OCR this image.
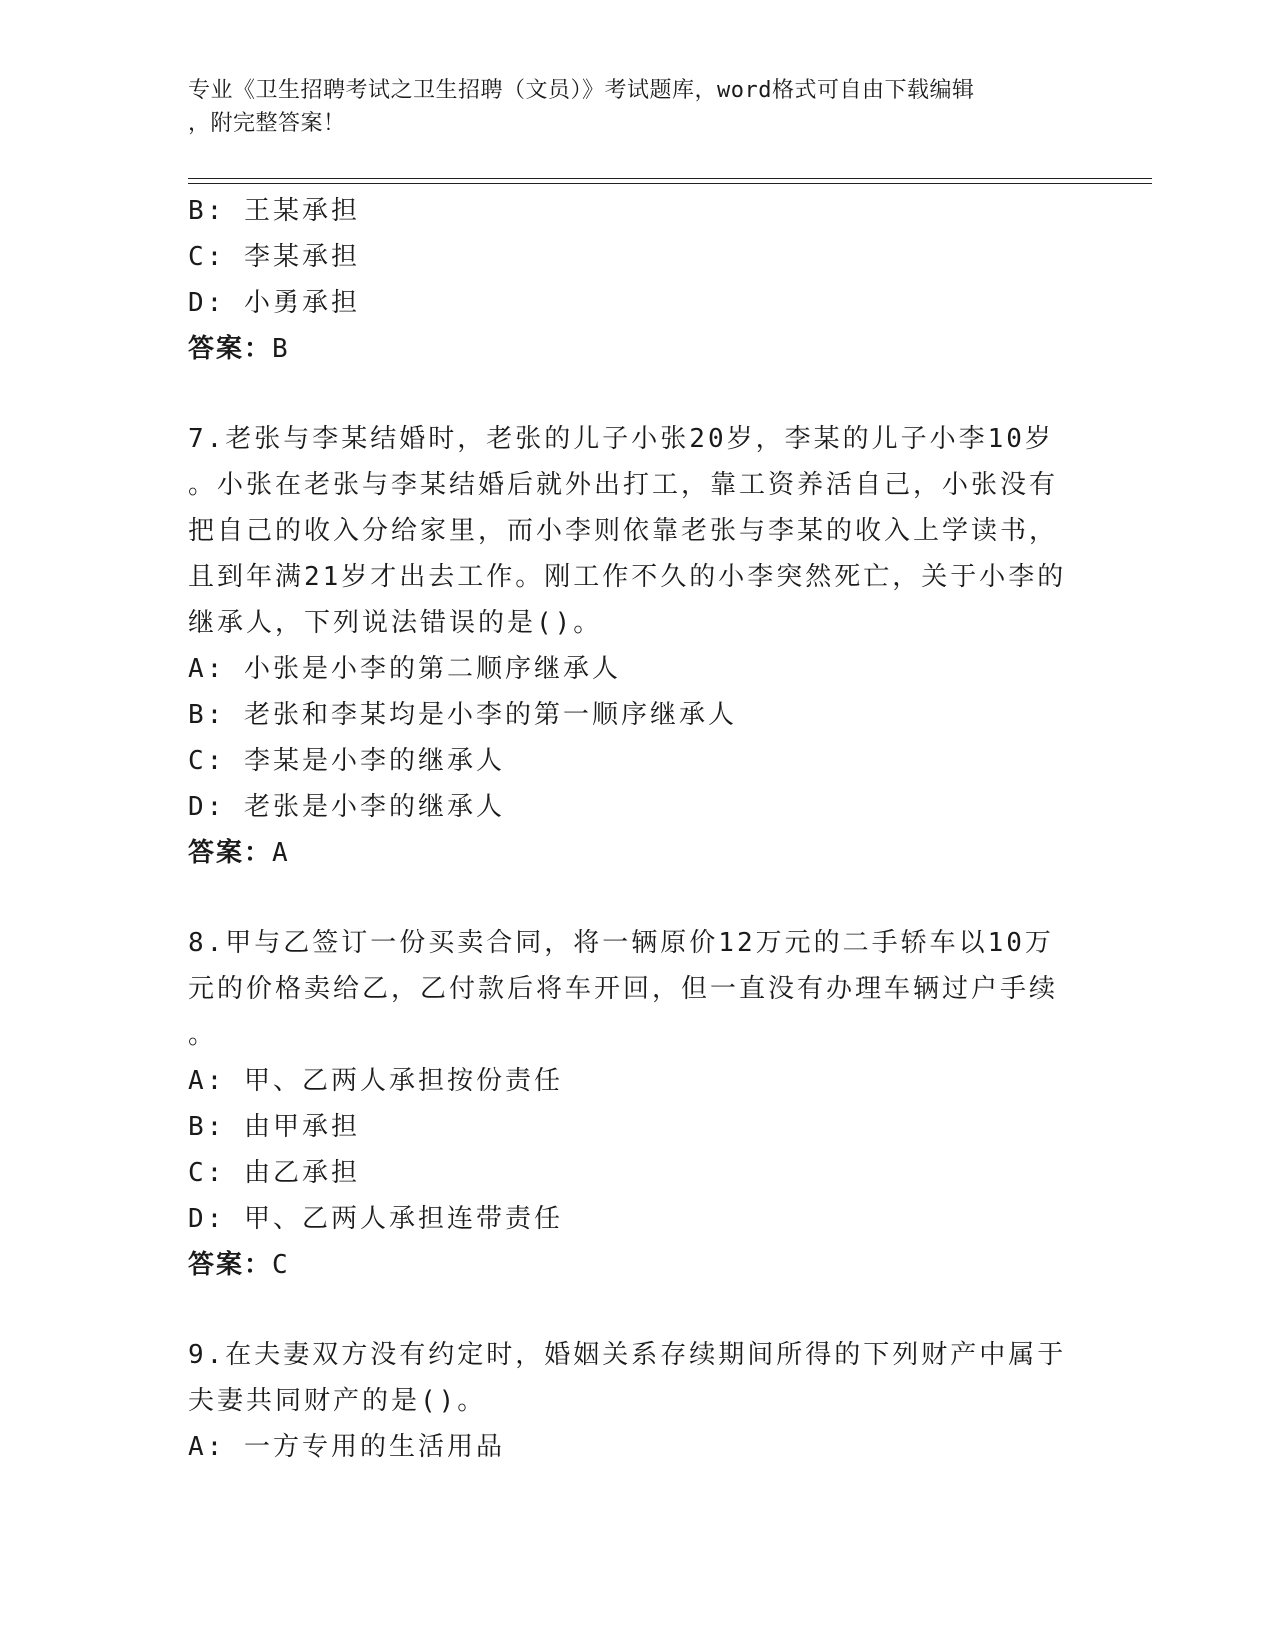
专业《卫生招聘考试之卫生招聘（文员）》考试题库，word格式可自由下载编辑
，附完整答案！
B: 王某承担
C: 李某承担
D: 小勇承担
答案：B
7.老张与李某结婚时，老张的儿子小张20岁，李某的儿子小李10岁
。小张在老张与李某结婚后就外出打工，靠工资养活自己，小张没有
把自己的收入分给家里，而小李则依靠老张与李某的收入上学读书，
且到年满21岁才出去工作。刚工作不久的小李突然死亡，关于小李的
继承人，下列说法错误的是()。
A: 小张是小李的第二顺序继承人
B: 老张和李某均是小李的第一顺序继承人
C: 李某是小李的继承人
D: 老张是小李的继承人
答案：A
8.甲与乙签订一份买卖合同，将一辆原价12万元的二手轿车以10万
元的价格卖给乙，乙付款后将车开回，但一直没有办理车辆过户手续
。
A: 甲、乙两人承担按份责任
B: 由甲承担
C: 由乙承担
D: 甲、乙两人承担连带责任
答案：C
9.在夫妻双方没有约定时，婚姻关系存续期间所得的下列财产中属于
夫妻共同财产的是()。
A: 一方专用的生活用品
